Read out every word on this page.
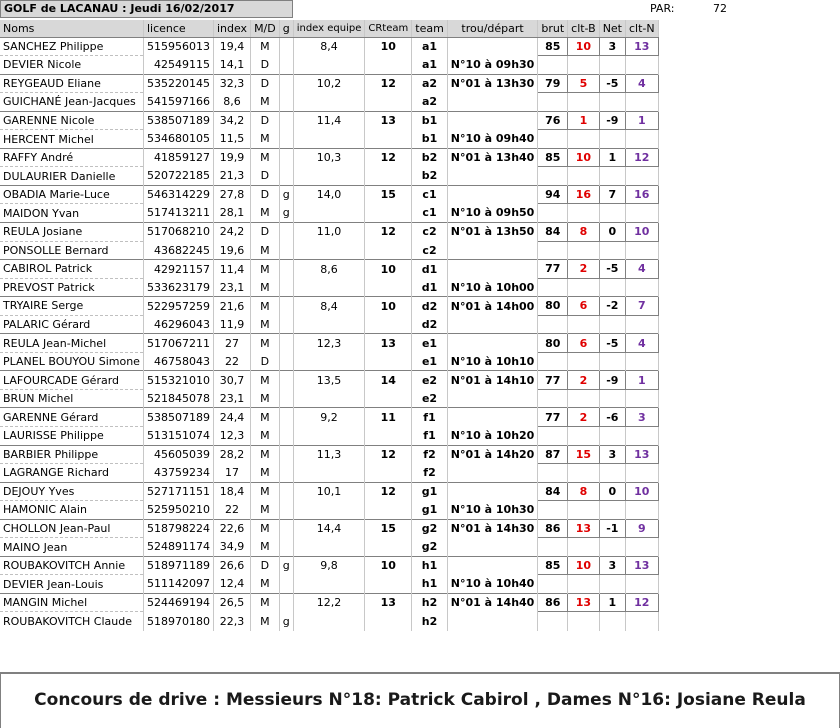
GOLF de LACANAU : Jeudi 16/02/2017	PAR:	72
Noms	licence	index	M/D	g	index equipe	CRteam	team	trou/départ	brut	clt-B	Net	clt-N
SANCHEZ Philippe	515956013	19,4	M		8,4	10	a1		85	10	3	13
DEVIER Nicole	42549115	14,1	D				a1	N°10 à 09h30				
REYGEAUD Eliane	535220145	32,3	D		10,2	12	a2	N°01 à 13h30	79	5	-5	4
GUICHANÉ Jean-Jacques	541597166	8,6	M				a2					
GARENNE Nicole	538507189	34,2	D		11,4	13	b1		76	1	-9	1
HERCENT Michel	534680105	11,5	M				b1	N°10 à 09h40				
RAFFY André	41859127	19,9	M		10,3	12	b2	N°01 à 13h40	85	10	1	12
DULAURIER Danielle	520722185	21,3	D				b2					
OBADIA Marie-Luce	546314229	27,8	D	g	14,0	15	c1		94	16	7	16
MAIDON Yvan	517413211	28,1	M	g			c1	N°10 à 09h50				
REULA Josiane	517068210	24,2	D		11,0	12	c2	N°01 à 13h50	84	8	0	10
PONSOLLE Bernard	43682245	19,6	M				c2					
CABIROL Patrick	42921157	11,4	M		8,6	10	d1		77	2	-5	4
PREVOST Patrick	533623179	23,1	M				d1	N°10 à 10h00				
TRYAIRE Serge	522957259	21,6	M		8,4	10	d2	N°01 à 14h00	80	6	-2	7
PALARIC Gérard	46296043	11,9	M				d2					
REULA Jean-Michel	517067211	27	M		12,3	13	e1		80	6	-5	4
PLANEL BOUYOU Simone	46758043	22	D				e1	N°10 à 10h10				
LAFOURCADE Gérard	515321010	30,7	M		13,5	14	e2	N°01 à 14h10	77	2	-9	1
BRUN Michel	521845078	23,1	M				e2					
GARENNE Gérard	538507189	24,4	M		9,2	11	f1		77	2	-6	3
LAURISSE Philippe	513151074	12,3	M				f1	N°10 à 10h20				
BARBIER Philippe	45605039	28,2	M		11,3	12	f2	N°01 à 14h20	87	15	3	13
LAGRANGE Richard	43759234	17	M				f2					
DEJOUY Yves	527171151	18,4	M		10,1	12	g1		84	8	0	10
HAMONIC Alain	525950210	22	M				g1	N°10 à 10h30				
CHOLLON Jean-Paul	518798224	22,6	M		14,4	15	g2	N°01 à 14h30	86	13	-1	9
MAINO Jean	524891174	34,9	M				g2					
ROUBAKOVITCH Annie	518971189	26,6	D	g	9,8	10	h1		85	10	3	13
DEVIER Jean-Louis	511142097	12,4	M				h1	N°10 à 10h40				
MANGIN Michel	524469194	26,5	M		12,2	13	h2	N°01 à 14h40	86	13	1	12
ROUBAKOVITCH Claude	518970180	22,3	M	g			h2					
Concours de drive : Messieurs N°18: Patrick Cabirol , Dames N°16: Josiane Reula
